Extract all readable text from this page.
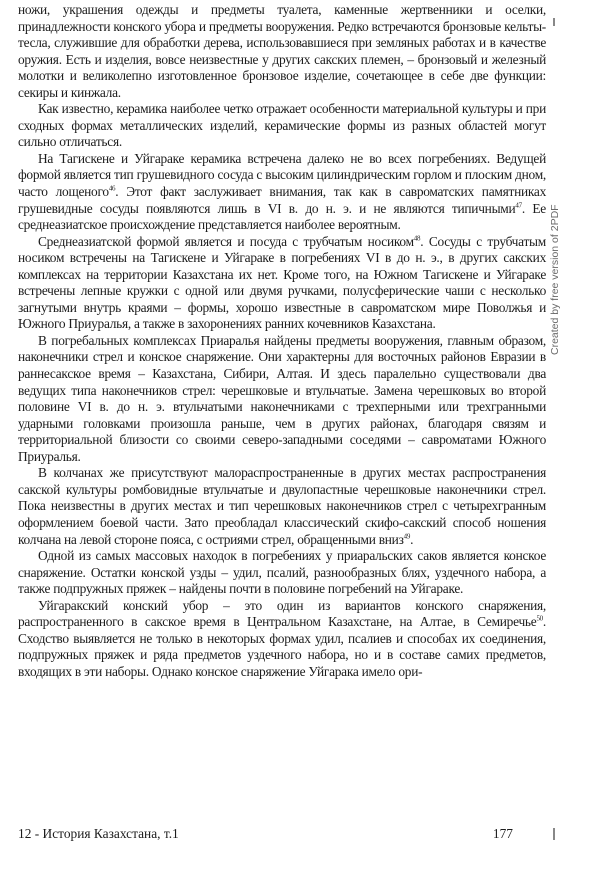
ножи, украшения одежды и предметы туалета, каменные жертвенники и оселки, принадлежности конского убора и предметы вооружения. Редко встречаются бронзовые кельты-тесла, служившие для обработки дерева, использовавшиеся при земляных работах и в качестве оружия. Есть и изделия, вовсе неизвестные у других сакских племен, – бронзовый и железный молотки и великолепно изготовленное бронзовое изделие, сочетающее в себе две функции: секиры и кинжала.

Как известно, керамика наиболее четко отражает особенности материальной культуры и при сходных формах металлических изделий, керамические формы из разных областей могут сильно отличаться.

На Тагискене и Уйгараке керамика встречена далеко не во всех погребениях. Ведущей формой является тип грушевидного сосуда с высоким цилиндрическим горлом и плоским дном, часто лощеного$^{46}$. Этот факт заслуживает внимания, так как в савроматских памятниках грушевидные сосуды появляются лишь в VI в. до н. э. и не являются типичными$^{47}$. Ее среднеазиатское происхождение представляется наиболее вероятным.

Среднеазиатской формой является и посуда с трубчатым носиком$^{48}$. Сосуды с трубчатым носиком встречены на Тагискене и Уйгараке в погребениях VI в до н. э., в других сакских комплексах на территории Казахстана их нет. Кроме того, на Южном Тагискене и Уйгараке встречены лепные кружки с одной или двумя ручками, полусферические чаши с несколько загнутыми внутрь краями – формы, хорошо известные в савроматском мире Поволжья и Южного Приуралья, а также в захоронениях ранних кочевников Казахстана.

В погребальных комплексах Приаралья найдены предметы вооружения, главным образом, наконечники стрел и конское снаряжение. Они характерны для восточных районов Евразии в раннесакское время – Казахстана, Сибири, Алтая. И здесь паралельно существовали два ведущих типа наконечников стрел: черешковые и втульчатые. Замена черешковых во второй половине VI в. до н. э. втульчатыми наконечниками с трехперными или трехгранными ударными головками произошла раньше, чем в других районах, благодаря связям и территориальной близости со своими северо-западными соседями – савроматами Южного Приуралья.

В колчанах же присутствуют малораспространенные в других местах распространения сакской культуры ромбовидные втульчатые и двулопастные черешковые наконечники стрел. Пока неизвестны в других местах и тип черешковых наконечников стрел с четырехгранным оформлением боевой части. Зато преобладал классический скифо-сакский способ ношения колчана на левой стороне пояса, с остриями стрел, обращенными вниз$^{49}$.

Одной из самых массовых находок в погребениях у приаральских саков является конское снаряжение. Остатки конской узды – удил, псалий, разнообразных блях, уздечного набора, а также подпружных пряжек – найдены почти в половине погребений на Уйгараке.

Уйгаракский конский убор – это один из вариантов конского снаряжения, распространенного в сакское время в Центральном Казахстане, на Алтае, в Семиречье$^{50}$. Сходство выявляется не только в некоторых формах удил, псалиев и способах их соединения, подпружных пряжек и ряда предметов уздечного набора, но и в составе самих предметов, входящих в эти наборы. Однако конское снаряжение Уйгарака имело ори-

12 - История Казахстана, т.1	177
Created by free version of 2PDF
